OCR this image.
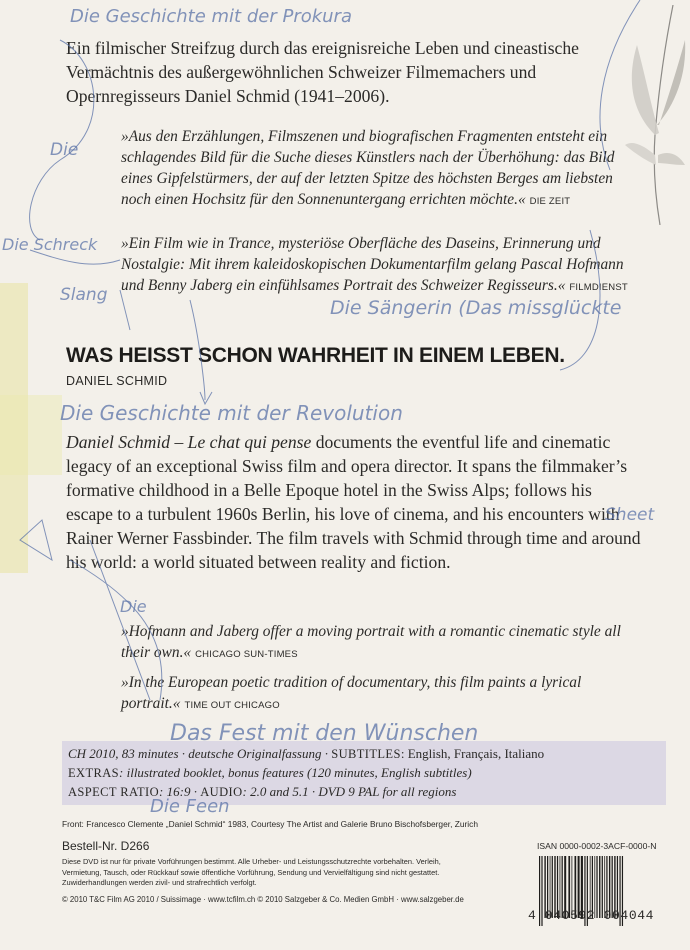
Ein filmischer Streifzug durch das ereignisreiche Leben und cineastische Vermächtnis des außergewöhnlichen Schweizer Filmemachers und Opernregisseurs Daniel Schmid (1941–2006).

»Aus den Erzählungen, Filmszenen und biografischen Fragmenten entsteht ein schlagendes Bild für die Suche dieses Künstlers nach der Überhöhung: das Bild eines Gipfelstürmers, der auf der letzten Spitze des höchsten Berges am liebsten noch einen Hochsitz für den Sonnenuntergang errichten möchte.« DIE ZEIT

»Ein Film wie in Trance, mysteriöse Oberfläche des Daseins, Erinnerung und Nostalgie: Mit ihrem kaleidoskopischen Dokumentarfilm gelang Pascal Hofmann und Benny Jaberg ein einfühlsames Portrait des Schweizer Regisseurs.« FILMDIENST

WAS HEISST SCHON WAHRHEIT IN EINEM LEBEN.

DANIEL SCHMID

Daniel Schmid – Le chat qui pense documents the eventful life and cinematic legacy of an exceptional Swiss film and opera director. It spans the filmmaker’s formative childhood in a Belle Epoque hotel in the Swiss Alps; follows his escape to a turbulent 1960s Berlin, his love of cinema, and his encounters with Rainer Werner Fassbinder. The film travels with Schmid through time and around his world: a world situated between reality and fiction.

»Hofmann and Jaberg offer a moving portrait with a romantic cinematic style all their own.« CHICAGO SUN-TIMES

»In the European poetic tradition of documentary, this film paints a lyrical portrait.« TIME OUT CHICAGO

CH 2010, 83 minutes · deutsche Originalfassung · SUBTITLES: English, Français, Italiano

EXTRAS: illustrated booklet, bonus features (120 minutes, English subtitles)

ASPECT RATIO: 16:9 · AUDIO: 2.0 and 5.1 · DVD 9 PAL for all regions

Front: Francesco Clemente „Daniel Schmid“ 1983, Courtesy The Artist and Galerie Bruno Bischofsberger, Zurich

ISAN 0000-0002-3ACF-0000-N

Bestell-Nr. D266

Diese DVD ist nur für private Vorführungen bestimmt. Alle Urheber- und Leistungsschutzrechte vorbehalten. Verleih, Vermietung, Tausch, oder Rückkauf sowie öffentliche Vorführung, Sendung und Vervielfältigung sind nicht gestattet. Zuwiderhandlungen werden zivil- und strafrechtlich verfolgt.

© 2010 T&C Film AG 2010 / Suissimage · www.tcfilm.ch © 2010 Salzgeber & Co. Medien GmbH · www.salzgeber.de

4 040592 004044

Die Geschichte mit der Prokura
Die
Die Schreck
Slang
Die Sängerin (Das missglückte
Die Geschichte mit der Revolution
Sheet
Die
Das Fest mit den Wünschen
Die Feen
